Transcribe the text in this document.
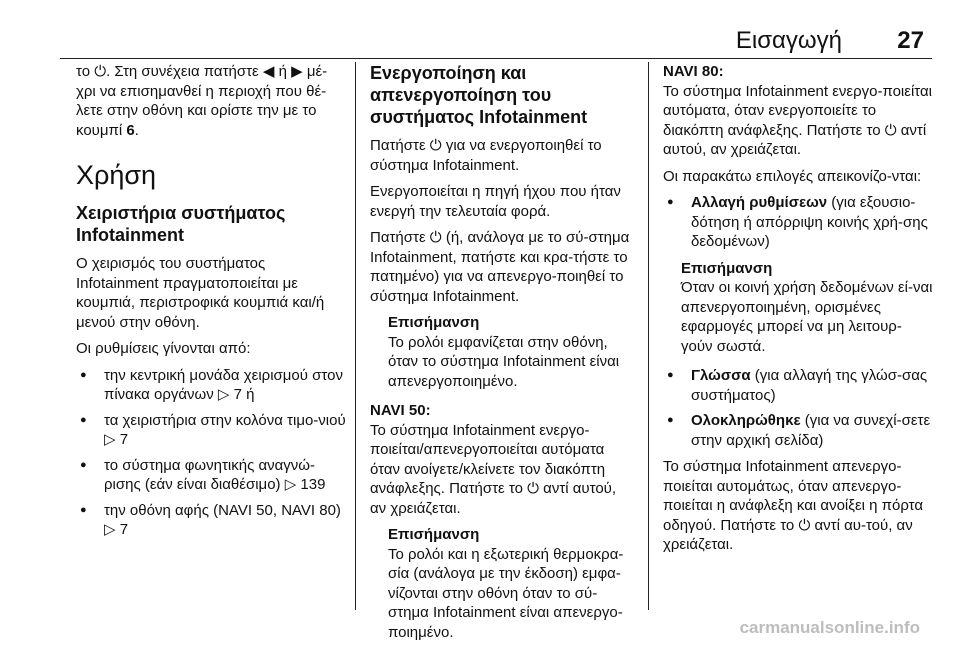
Εισαγωγή 27

το ⏻. Στη συνέχεια πατήστε ◀ ή ▶ μέ-χρι να επισημανθεί η περιοχή που θέ-λετε στην οθόνη και ορίστε την με το κουμπί 6.

Χρήση
Χειριστήρια συστήματος Infotainment

Ο χειρισμός του συστήματος Infotainment πραγματοποιείται με κουμπιά, περιστροφικά κουμπιά και/ή μενού στην οθόνη.

Οι ρυθμίσεις γίνονται από:

● την κεντρική μονάδα χειρισμού στον πίνακα οργάνων ▷ 7 ή
● τα χειριστήρια στην κολόνα τιμο-νιού ▷ 7
● το σύστημα φωνητικής αναγνώ-ρισης (εάν είναι διαθέσιμο) ▷ 139
● την οθόνη αφής (NAVI 50, NAVI 80) ▷ 7
Ενεργοποίηση και απενεργοποίηση του συστήματος Infotainment

Πατήστε ⏻ για να ενεργοποιηθεί το σύστημα Infotainment.

Ενεργοποιείται η πηγή ήχου που ήταν ενεργή την τελευταία φορά.

Πατήστε ⏻ (ή, ανάλογα με το σύ-στημα Infotainment, πατήστε και κρα-τήστε το πατημένο) για να απενεργο-ποιηθεί το σύστημα Infotainment.

Επισήμανση
Το ρολόι εμφανίζεται στην οθόνη, όταν το σύστημα Infotainment είναι απενεργοποιημένο.
NAVI 50:

Το σύστημα Infotainment ενεργο-ποιείται/απενεργοποιείται αυτόματα όταν ανοίγετε/κλείνετε τον διακόπτη ανάφλεξης. Πατήστε το ⏻ αντί αυτού, αν χρειάζεται.

Επισήμανση
Το ρολόι και η εξωτερική θερμοκρα-σία (ανάλογα με την έκδοση) εμφα-νίζονται στην οθόνη όταν το σύ-στημα Infotainment είναι απενεργο-ποιημένο.
NAVI 80:

Το σύστημα Infotainment ενεργο-ποιείται αυτόματα, όταν ενεργοποιείτε το διακόπτη ανάφλεξης. Πατήστε το ⏻ αντί αυτού, αν χρειάζεται.

Οι παρακάτω επιλογές απεικονίζο-νται:

● Αλλαγή ρυθμίσεων (για εξουσιο-δότηση ή απόρριψη κοινής χρή-σης δεδομένων)
Επισήμανση
Όταν οι κοινή χρήση δεδομένων εί-ναι απενεργοποιημένη, ορισμένες εφαρμογές μπορεί να μη λειτουρ-γούν σωστά.
● Γλώσσα (για αλλαγή της γλώσ-σας συστήματος)
● Ολοκληρώθηκε (για να συνεχί-σετε στην αρχική σελίδα)

Το σύστημα Infotainment απενεργο-ποιείται αυτομάτως, όταν απενεργο-ποιείται η ανάφλεξη και ανοίξει η πόρτα οδηγού. Πατήστε το ⏻ αντί αυ-τού, αν χρειάζεται.

carmanualsonline.info
